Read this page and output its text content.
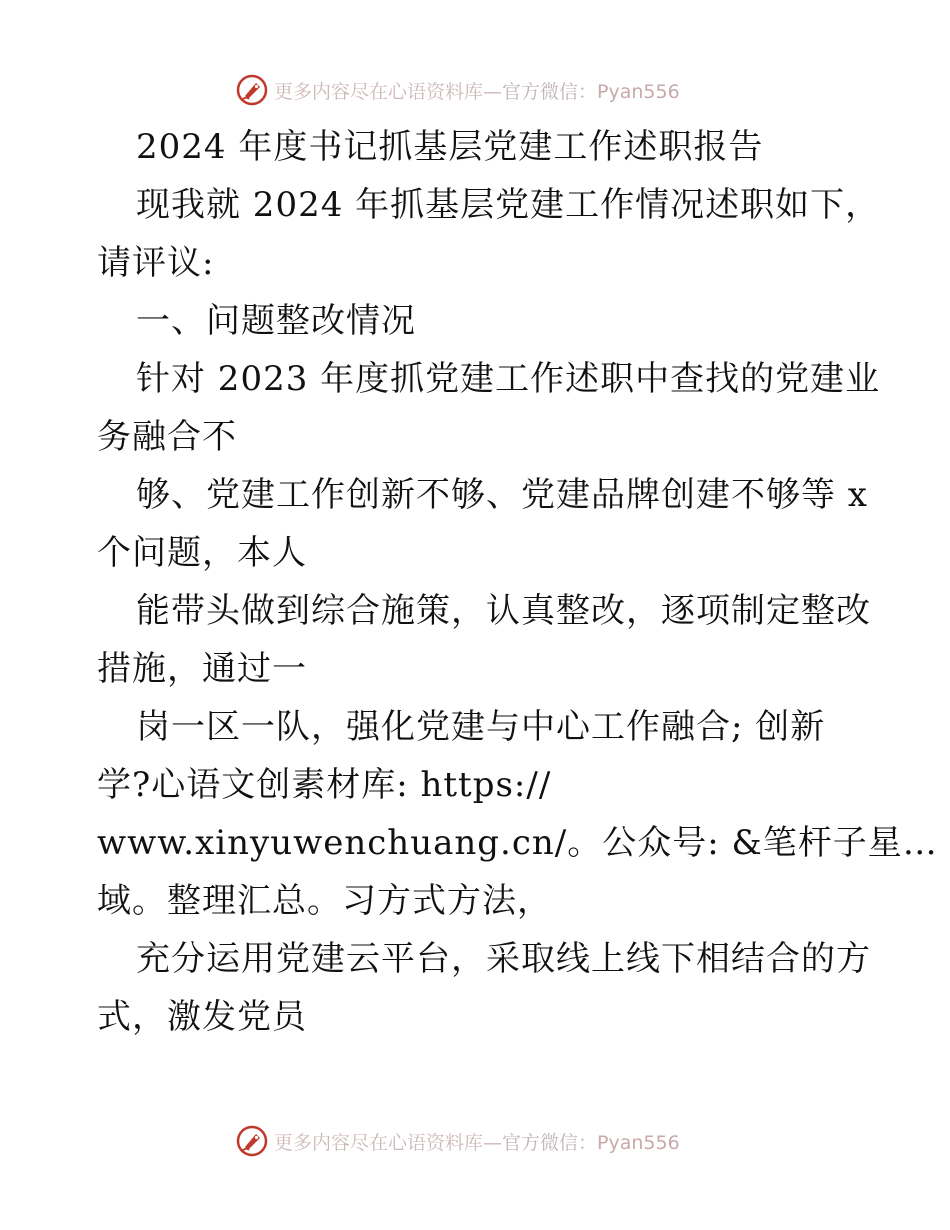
更多内容尽在心语资料库—官方微信：Pyan556
2024 年度书记抓基层党建工作述职报告
现我就 2024 年抓基层党建工作情况述职如下，
请评议:
一、问题整改情况
针对 2023 年度抓党建工作述职中查找的党建业
务融合不
够、党建工作创新不够、党建品牌创建不够等 x
个问题，本人
能带头做到综合施策，认真整改，逐项制定整改
措施，通过一
岗一区一队，强化党建与中心工作融合; 创新
学?心语文创素材库: https://
www.xinyuwenchuang.cn/。公众号: &笔杆子星…
域。整理汇总。习方式方法，
充分运用党建云平台，采取线上线下相结合的方
式，激发党员
更多内容尽在心语资料库—官方微信：Pyan556
